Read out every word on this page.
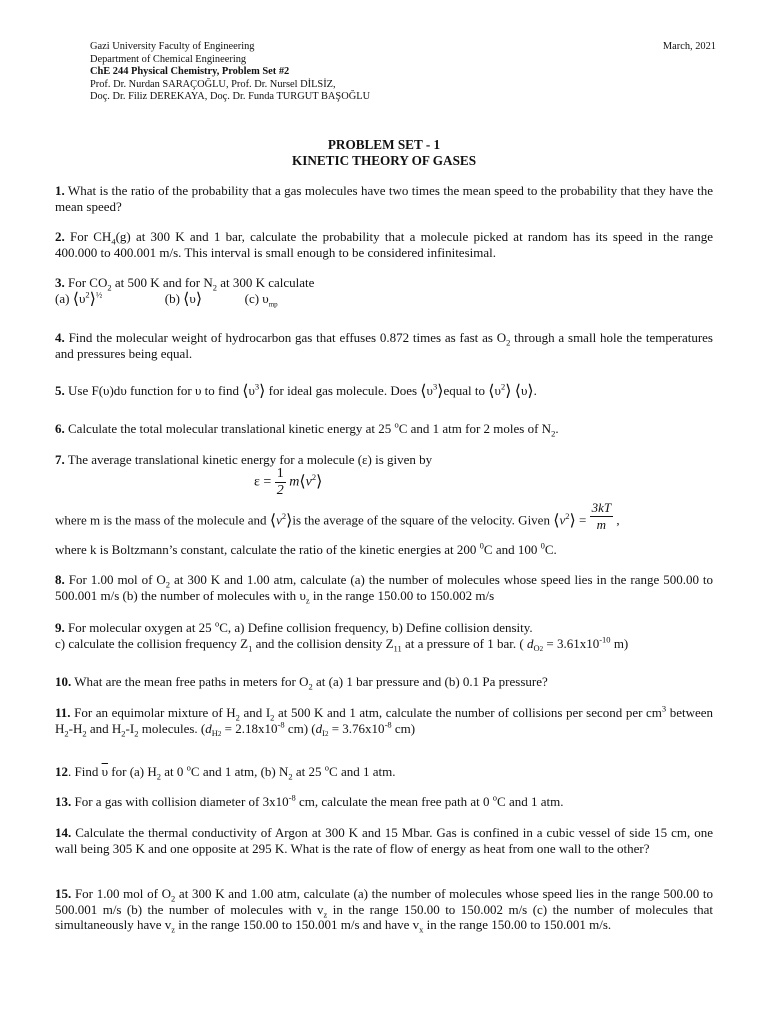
Gazi University Faculty of Engineering	March, 2021
Department of Chemical Engineering
ChE 244 Physical Chemistry, Problem Set #2
Prof. Dr. Nurdan SARAÇOĞLU, Prof. Dr. Nursel DİLSİZ,
Doç. Dr. Filiz DEREKAYA, Doç. Dr. Funda TURGUT BAŞOĞLU
PROBLEM SET - 1
KINETIC THEORY OF GASES
1. What is the ratio of the probability that a gas molecules have two times the mean speed to the probability that they have the mean speed?
2. For $CH_4(g)$ at 300 K and 1 bar, calculate the probability that a molecule picked at random has its speed in the range 400.000 to 400.001 m/s. This interval is small enough to be considered infinitesimal.
3. For $CO_2$ at 500 K and for $N_2$ at 300 K calculate
(a) $⟨\upsilon^2⟩^{\frac{1}{2}}$	(b) ⟨υ⟩	(c) $\upsilon_{mp}$
4. Find the molecular weight of hydrocarbon gas that effuses 0.872 times as fast as $O_2$ through a small hole the temperatures and pressures being equal.
5. Use F(υ)dυ function for υ to find $⟨\upsilon^3⟩$ for ideal gas molecule. Does $⟨\upsilon^3⟩equal$ to $⟨\upsilon^2⟩$ ⟨υ⟩.
6. Calculate the total molecular translational kinetic energy at 25 $^o$C and 1 atm for 2 moles of $N_2$.
7. The average translational kinetic energy for a molecule (ε) is given by
$\varepsilon = \frac{1}{2}$ $m⟨v^2⟩$
where m is the mass of the molecule and $⟨v^2⟩is$ the average of the square of the velocity. Given $⟨v^2⟩ = \frac{3kT}{m}$ ,
where k is Boltzmann’s constant, calculate the ratio of the kinetic energies at 200 $^0$C and 100 $^0$C.
8. For 1.00 mol of $O_2$ at 300 K and 1.00 atm, calculate (a) the number of molecules whose speed lies in the range 500.00 to 500.001 m/s (b) the number of molecules with $\upsilon_z$ in the range 150.00 to 150.002 m/s
9. For molecular oxygen at 25 $^o$C, a) Define collision frequency, b) Define collision density.
c) calculate the collision frequency $Z_1$ and the collision density $Z_{11}$ at a pressure of 1 bar. ( $d_{O2} = 3.61x10^{-10}$ m)
10. What are the mean free paths in meters for $O_2$ at (a) 1 bar pressure and (b) 0.1 Pa pressure?
11. For an equimolar mixture of $H_2$ and $I_2$ at 500 K and 1 atm, calculate the number of collisions per second per $cm^3$ between $H_2-H_2$ and $H_2-I_2$ molecules. ($d_{H2} = 2.18x10^{-8}$ cm) ($d_{I2} = 3.76x10^{-8}$ cm)
12. Find $\overline{\upsilon}$ for (a) $H_2$ at 0 $^o$C and 1 atm, (b) $N_2$ at 25 $^o$C and 1 atm.
13. For a gas with collision diameter of $3x10^{-8}$ cm, calculate the mean free path at 0 $^o$C and 1 atm.
14. Calculate the thermal conductivity of Argon at 300 K and 15 Mbar. Gas is confined in a cubic vessel of side 15 cm, one wall being 305 K and one opposite at 295 K. What is the rate of flow of energy as heat from one wall to the other?
15. For 1.00 mol of $O_2$ at 300 K and 1.00 atm, calculate (a) the number of molecules whose speed lies in the range 500.00 to 500.001 m/s (b) the number of molecules with $v_z$ in the range 150.00 to 150.002 m/s (c) the number of molecules that simultaneously have $v_z$ in the range 150.00 to 150.001 m/s and have $v_x$ in the range 150.00 to 150.001 m/s.
